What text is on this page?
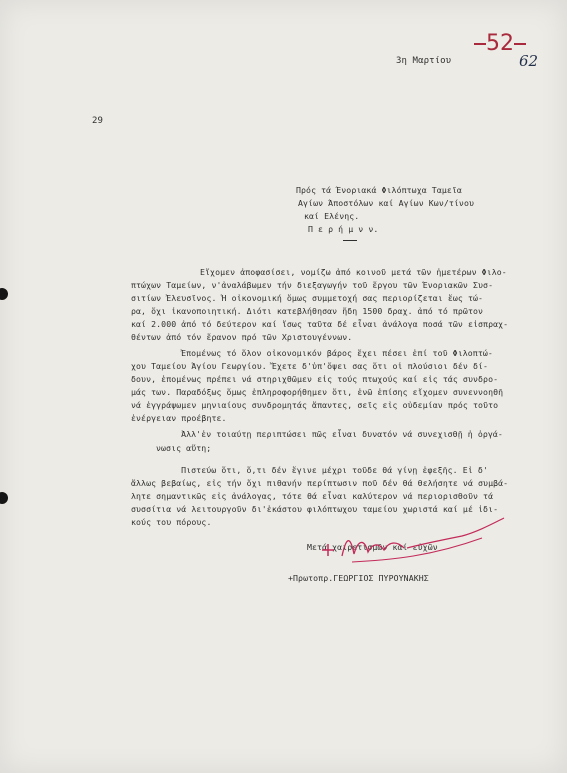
52

3η Μαρτίου	62
29
Πρός τά Ένοριακά Φιλόπτωχα Ταμεῖα
Αγίων Άποστόλων καί Αγίων Κων/τίνου
καί Ελένης.
Π ε ρ ή μ ν ν.
Εἴχομεν ἀποφασίσει, νομίζω ἀπό κοινοῦ μετά τῶν ἡμετέρων Φιλο-
πτώχων Ταμείων, ν'ἀναλάβωμεν τήν διεξαγωγήν τοῦ ἔργου τῶν Ένοριακῶν Συσ-
σιτίων Ἐλευσῖνος. Ἡ οἰκονομική ὅμως συμμετοχή σας περιορίζεται ἕως τώ-
ρα, ὄχι ἱκανοποιητική. Διότι κατεβλήθησαν ἤδη 1500 δραχ. ἀπό τό πρῶτον
καί 2.000 ἀπό τό δεύτερον καί ἴσως ταῦτα δέ εἶναι ἀνάλογα ποσά τῶν εἰσπραχ-
θέντων ἀπό τόν ἔρανον πρό τῶν Χριστουγέννων.
Ἐπομένως τό ὅλον οἰκονομικόν βάρος ἔχει πέσει ἐπί τοῦ Φιλοπτώ-
χου Ταμείου Ἁγίου Γεωργίου. Ἔχετε δ'ὑπ'ὄψει σας ὅτι οἱ πλούσιοι δέν δί-
δουν, ἐπομένως πρέπει νά στηριχθῶμεν εἰς τούς πτωχούς καί εἰς τάς συνδρο-
μάς των. Παραδόξως ὅμως ἐπληροφορήθημεν ὅτι, ἐνῶ ἐπίσης εἴχομεν συνεννοηθῆ
νά ἐγγράψωμεν μηνιαίους συνδρομητάς ἅπαντες, σεῖς εἰς οὐδεμίαν πρός τοῦτο
ἐνέργειαν προέβητε.
Ἀλλ'ἐν τοιαύτῃ περιπτώσει πῶς εἶναι δυνατόν νά συνεχισθῇ ἡ ὀργά-
νωσις αὕτη;
Πιστεύω ὅτι, ὅ,τι δέν ἔγινε μέχρι τοῦδε θά γίνῃ ἐφεξῆς. Εἰ δ'
ἄλλως βεβαίως, εἰς τήν ὄχι πιθανήν περίπτωσιν ποῦ δέν θά θελήσητε νά συμβά-
λητε σημαντικῶς εἰς ἀνάλογας, τότε θά εἶναι καλύτερον νά περιορισθοῦν τά
συσσίτια νά λειτουργοῦν δι'ἑκάστου φιλόπτωχου ταμείου χωριστά καί μέ ἰδι-
κούς του πόρους.
Μετά χαιρετισμῶν καί εὐχῶν
+Πρωτοπρ.ΓΕΩΡΓΙΟΣ ΠΥΡΟΥΝΑΚΗΣ
